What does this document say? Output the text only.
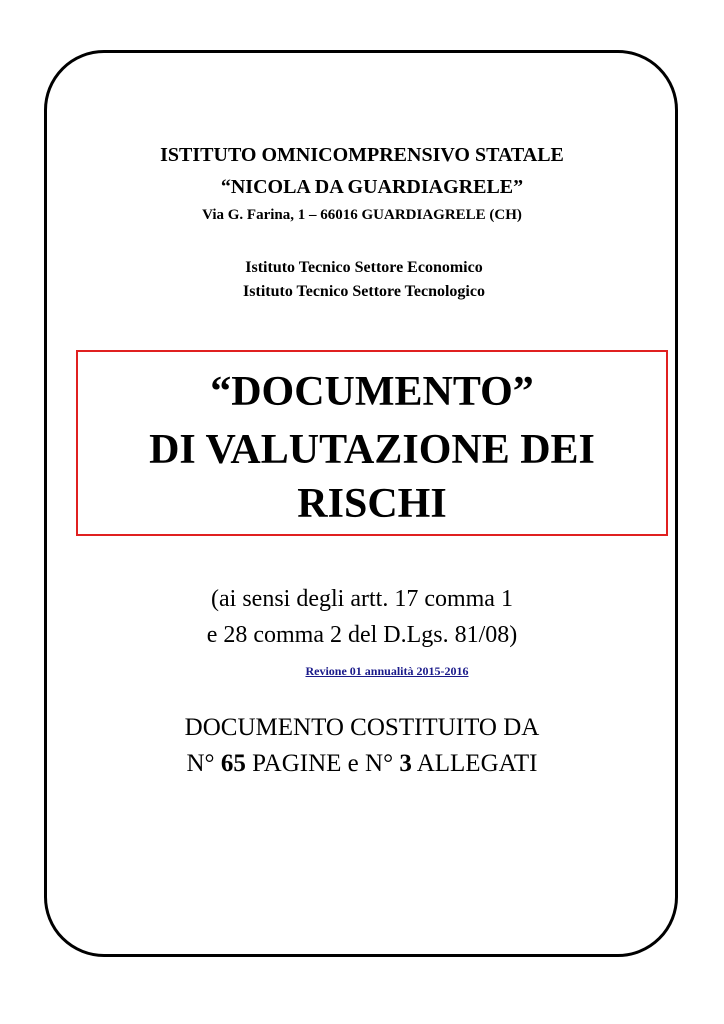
ISTITUTO OMNICOMPRENSIVO STATALE
“NICOLA DA GUARDIAGRELE”
Via G. Farina, 1 – 66016 GUARDIAGRELE (CH)
Istituto Tecnico Settore Economico
Istituto Tecnico Settore Tecnologico
“DOCUMENTO”
DI VALUTAZIONE DEI
RISCHI
(ai sensi degli artt. 17 comma 1
e 28 comma 2 del D.Lgs. 81/08)
Revione 01 annualità 2015-2016
DOCUMENTO COSTITUITO DA
N° 65 PAGINE e N° 3 ALLEGATI
